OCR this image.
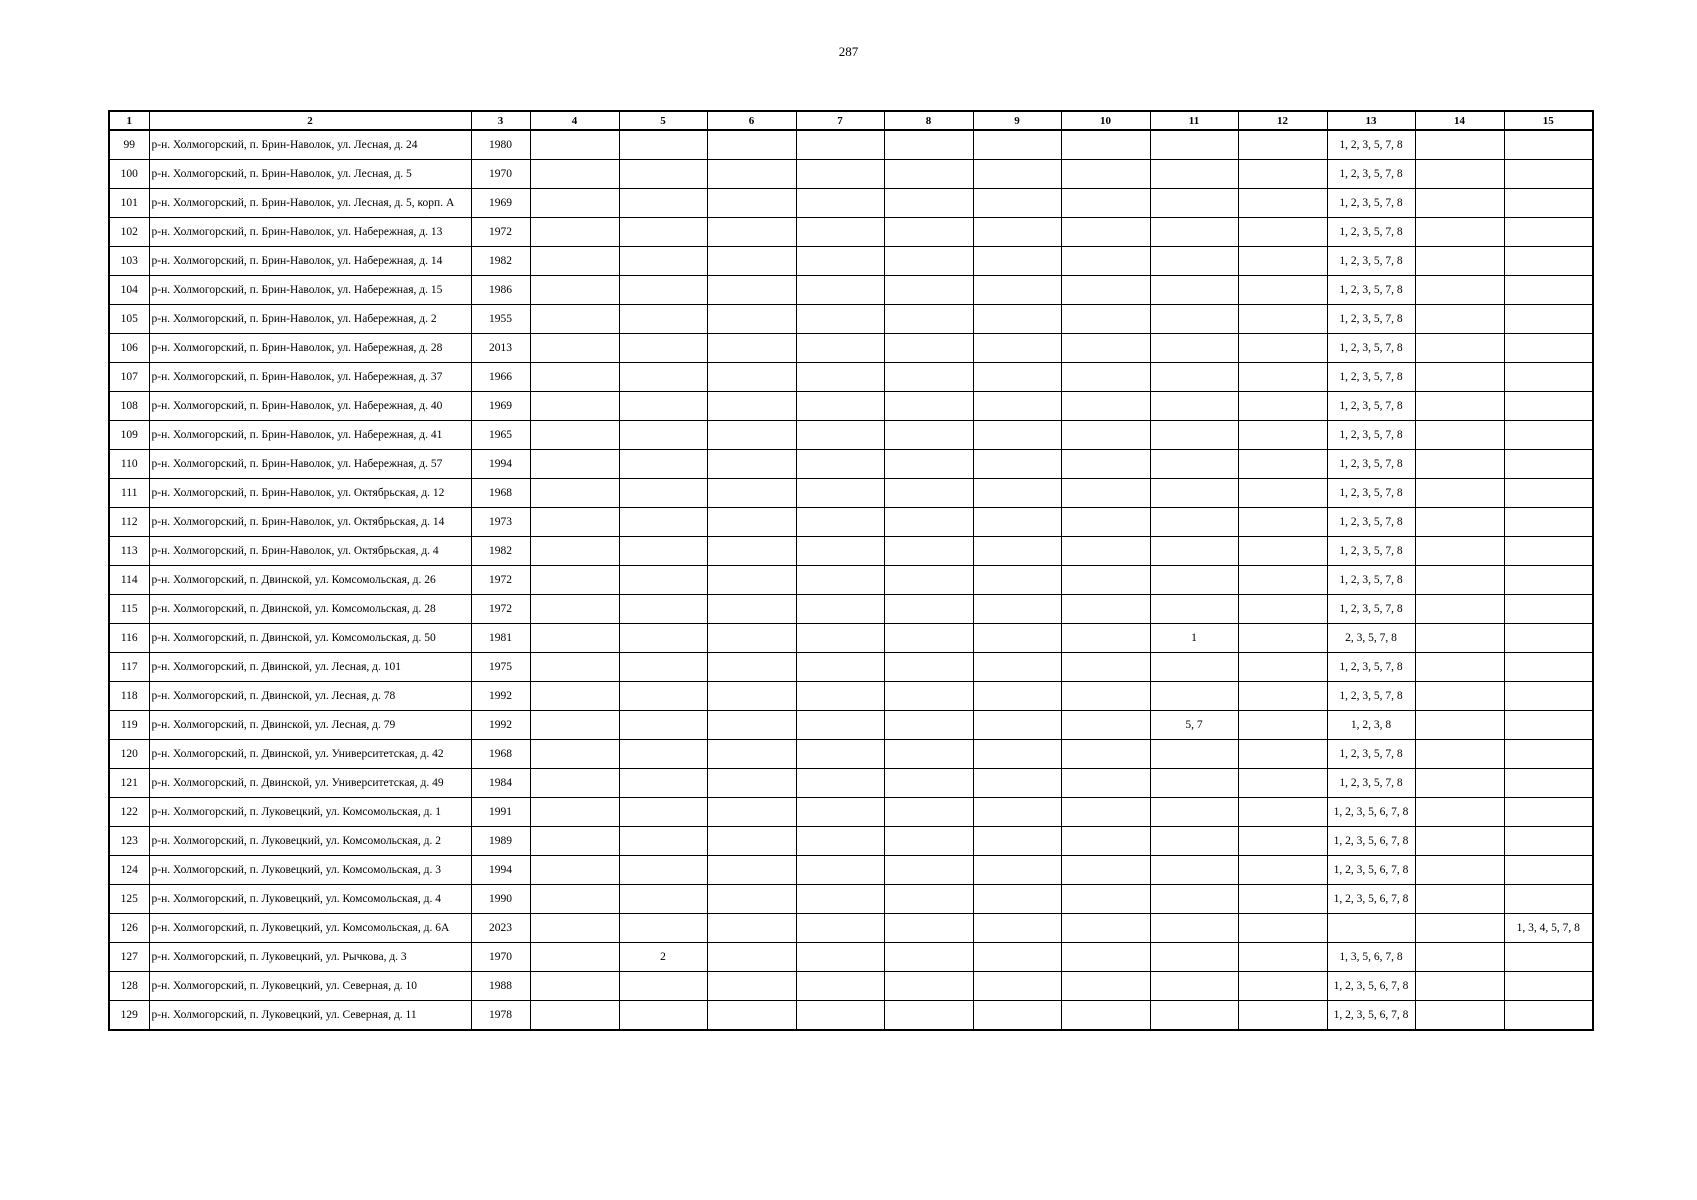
287
1	2	3	4	5	6	7	8	9	10	11	12	13	14	15
99	р-н. Холмогорский, п. Брин-Наволок, ул. Лесная, д. 24	1980										1, 2, 3, 5, 7, 8		
100	р-н. Холмогорский, п. Брин-Наволок, ул. Лесная, д. 5	1970										1, 2, 3, 5, 7, 8		
101	р-н. Холмогорский, п. Брин-Наволок, ул. Лесная, д. 5, корп. А	1969										1, 2, 3, 5, 7, 8		
102	р-н. Холмогорский, п. Брин-Наволок, ул. Набережная, д. 13	1972										1, 2, 3, 5, 7, 8		
103	р-н. Холмогорский, п. Брин-Наволок, ул. Набережная, д. 14	1982										1, 2, 3, 5, 7, 8		
104	р-н. Холмогорский, п. Брин-Наволок, ул. Набережная, д. 15	1986										1, 2, 3, 5, 7, 8		
105	р-н. Холмогорский, п. Брин-Наволок, ул. Набережная, д. 2	1955										1, 2, 3, 5, 7, 8		
106	р-н. Холмогорский, п. Брин-Наволок, ул. Набережная, д. 28	2013										1, 2, 3, 5, 7, 8		
107	р-н. Холмогорский, п. Брин-Наволок, ул. Набережная, д. 37	1966										1, 2, 3, 5, 7, 8		
108	р-н. Холмогорский, п. Брин-Наволок, ул. Набережная, д. 40	1969										1, 2, 3, 5, 7, 8		
109	р-н. Холмогорский, п. Брин-Наволок, ул. Набережная, д. 41	1965										1, 2, 3, 5, 7, 8		
110	р-н. Холмогорский, п. Брин-Наволок, ул. Набережная, д. 57	1994										1, 2, 3, 5, 7, 8		
111	р-н. Холмогорский, п. Брин-Наволок, ул. Октябрьская, д. 12	1968										1, 2, 3, 5, 7, 8		
112	р-н. Холмогорский, п. Брин-Наволок, ул. Октябрьская, д. 14	1973										1, 2, 3, 5, 7, 8		
113	р-н. Холмогорский, п. Брин-Наволок, ул. Октябрьская, д. 4	1982										1, 2, 3, 5, 7, 8		
114	р-н. Холмогорский, п. Двинской, ул. Комсомольская, д. 26	1972										1, 2, 3, 5, 7, 8		
115	р-н. Холмогорский, п. Двинской, ул. Комсомольская, д. 28	1972										1, 2, 3, 5, 7, 8		
116	р-н. Холмогорский, п. Двинской, ул. Комсомольская, д. 50	1981								1		2, 3, 5, 7, 8		
117	р-н. Холмогорский, п. Двинской, ул. Лесная, д. 101	1975										1, 2, 3, 5, 7, 8		
118	р-н. Холмогорский, п. Двинской, ул. Лесная, д. 78	1992										1, 2, 3, 5, 7, 8		
119	р-н. Холмогорский, п. Двинской, ул. Лесная, д. 79	1992								5, 7		1, 2, 3, 8		
120	р-н. Холмогорский, п. Двинской, ул. Университетская, д. 42	1968										1, 2, 3, 5, 7, 8		
121	р-н. Холмогорский, п. Двинской, ул. Университетская, д. 49	1984										1, 2, 3, 5, 7, 8		
122	р-н. Холмогорский, п. Луковецкий, ул. Комсомольская, д. 1	1991										1, 2, 3, 5, 6, 7, 8		
123	р-н. Холмогорский, п. Луковецкий, ул. Комсомольская, д. 2	1989										1, 2, 3, 5, 6, 7, 8		
124	р-н. Холмогорский, п. Луковецкий, ул. Комсомольская, д. 3	1994										1, 2, 3, 5, 6, 7, 8		
125	р-н. Холмогорский, п. Луковецкий, ул. Комсомольская, д. 4	1990										1, 2, 3, 5, 6, 7, 8		
126	р-н. Холмогорский, п. Луковецкий, ул. Комсомольская, д. 6А	2023												1, 3, 4, 5, 7, 8
127	р-н. Холмогорский, п. Луковецкий, ул. Рычкова, д. 3	1970		2								1, 3, 5, 6, 7, 8		
128	р-н. Холмогорский, п. Луковецкий, ул. Северная, д. 10	1988										1, 2, 3, 5, 6, 7, 8		
129	р-н. Холмогорский, п. Луковецкий, ул. Северная, д. 11	1978										1, 2, 3, 5, 6, 7, 8		
